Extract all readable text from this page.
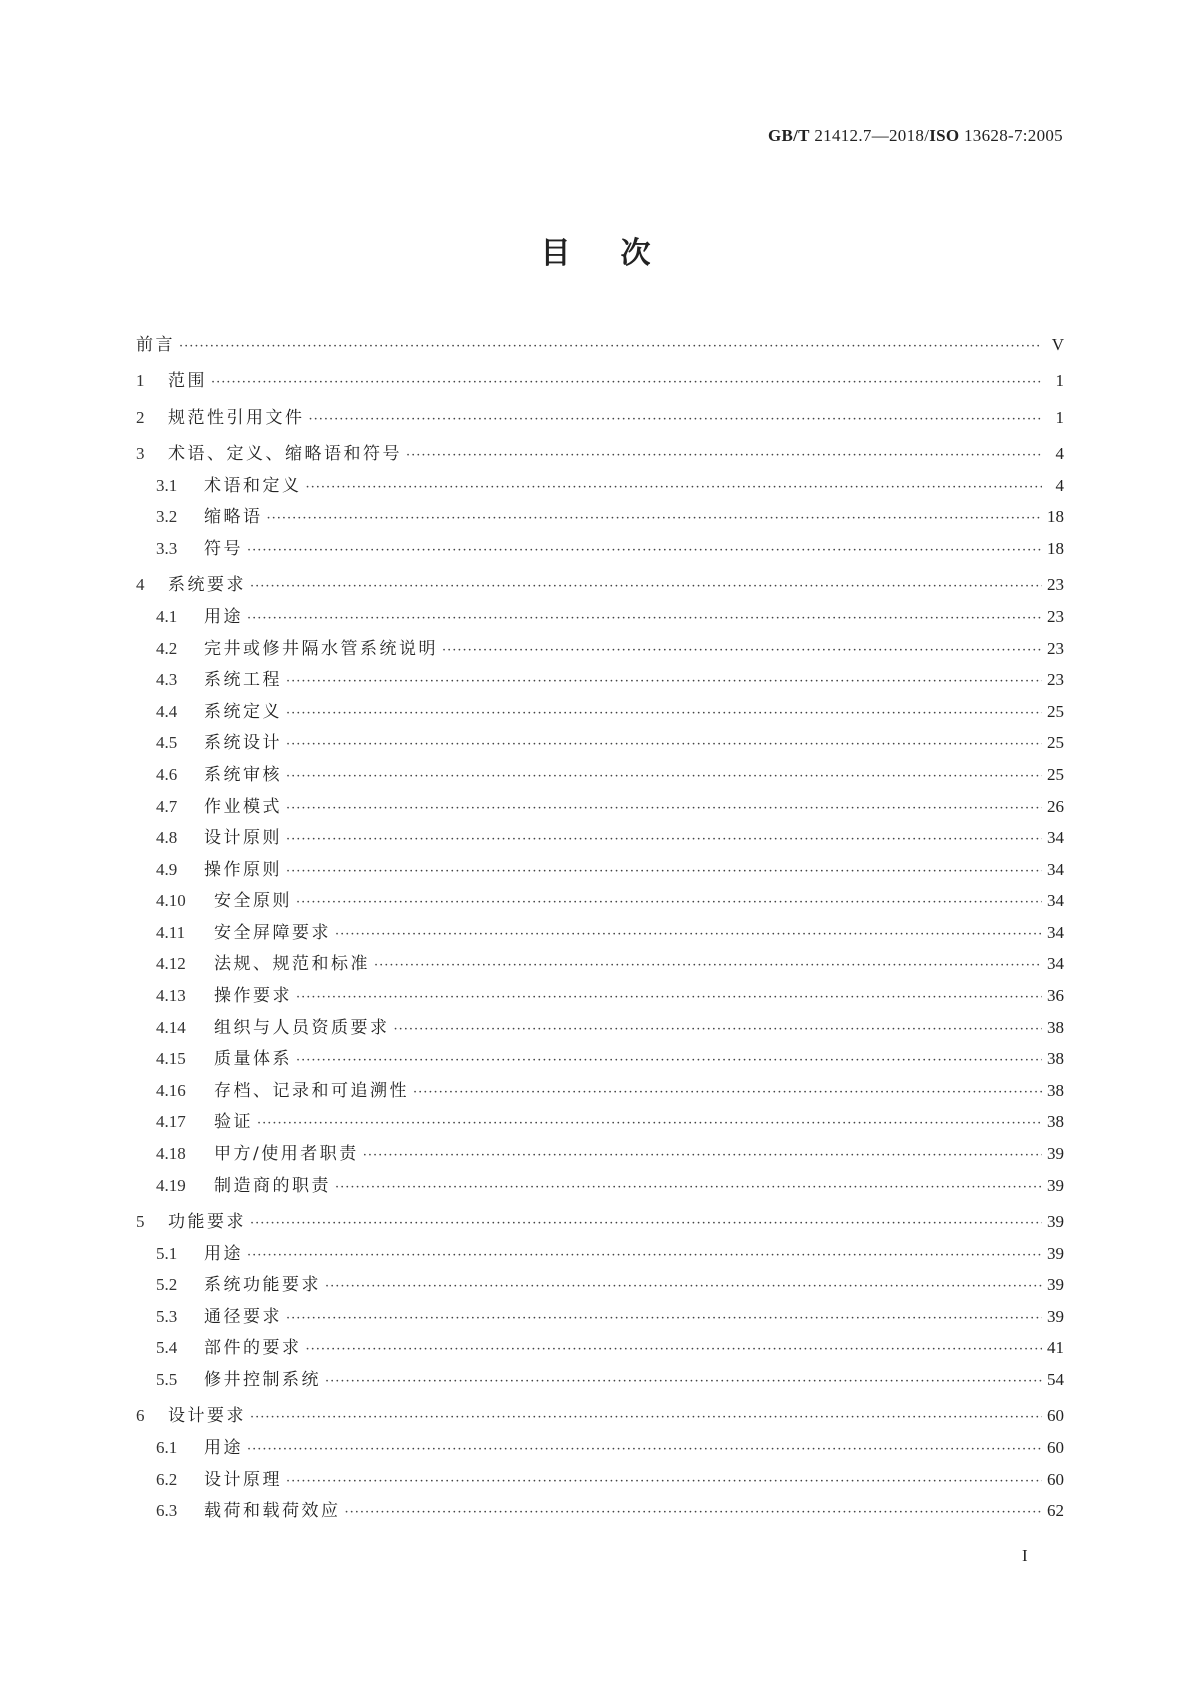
GB/T 21412.7—2018/ISO 13628-7:2005
目次
前言 ·····	V
1	范围 ·····	1
2	规范性引用文件 ·····	1
3	术语、定义、缩略语和符号 ·····	4
3.1	术语和定义 ·····	4
3.2	缩略语 ·····	18
3.3	符号 ·····	18
4	系统要求 ·····	23
4.1	用途 ·····	23
4.2	完井或修井隔水管系统说明 ·····	23
4.3	系统工程 ·····	23
4.4	系统定义 ·····	25
4.5	系统设计 ·····	25
4.6	系统审核 ·····	25
4.7	作业模式 ·····	26
4.8	设计原则 ·····	34
4.9	操作原则 ·····	34
4.10	安全原则 ·····	34
4.11	安全屏障要求 ·····	34
4.12	法规、规范和标准 ·····	34
4.13	操作要求 ·····	36
4.14	组织与人员资质要求 ·····	38
4.15	质量体系 ·····	38
4.16	存档、记录和可追溯性 ·····	38
4.17	验证 ·····	38
4.18	甲方/使用者职责 ·····	39
4.19	制造商的职责 ·····	39
5	功能要求 ·····	39
5.1	用途 ·····	39
5.2	系统功能要求 ·····	39
5.3	通径要求 ·····	39
5.4	部件的要求 ·····	41
5.5	修井控制系统 ·····	54
6	设计要求 ·····	60
6.1	用途 ·····	60
6.2	设计原理 ·····	60
6.3	载荷和载荷效应 ·····	62
I
